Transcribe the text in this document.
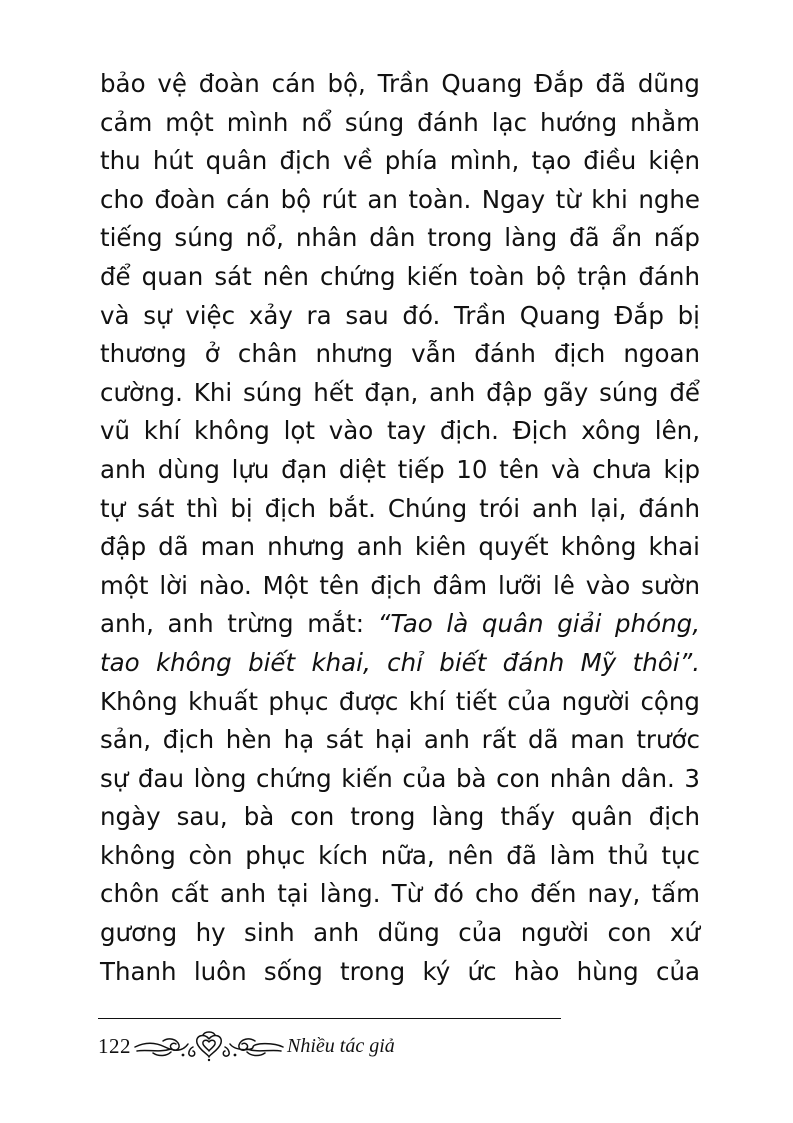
bảo vệ đoàn cán bộ, Trần Quang Đắp đã dũng
cảm một mình nổ súng đánh lạc hướng nhằm
thu hút quân địch về phía mình, tạo điều kiện
cho đoàn cán bộ rút an toàn. Ngay từ khi nghe
tiếng súng nổ, nhân dân trong làng đã ẩn nấp
để quan sát nên chứng kiến toàn bộ trận đánh
và sự việc xảy ra sau đó. Trần Quang Đắp bị
thương ở chân nhưng vẫn đánh địch ngoan
cường. Khi súng hết đạn, anh đập gãy súng để
vũ khí không lọt vào tay địch. Địch xông lên,
anh dùng lựu đạn diệt tiếp 10 tên và chưa kịp
tự sát thì bị địch bắt. Chúng trói anh lại, đánh
đập dã man nhưng anh kiên quyết không khai
một lời nào. Một tên địch đâm lưỡi lê vào sườn
anh, anh trừng mắt: “Tao là quân giải phóng,
tao không biết khai, chỉ biết đánh Mỹ thôi”.
Không khuất phục được khí tiết của người cộng
sản, địch hèn hạ sát hại anh rất dã man trước
sự đau lòng chứng kiến của bà con nhân dân. 3
ngày sau, bà con trong làng thấy quân địch
không còn phục kích nữa, nên đã làm thủ tục
chôn cất anh tại làng. Từ đó cho đến nay, tấm
gương hy sinh anh dũng của người con xứ
Thanh luôn sống trong ký ức hào hùng của
122	Nhiều tác giả
